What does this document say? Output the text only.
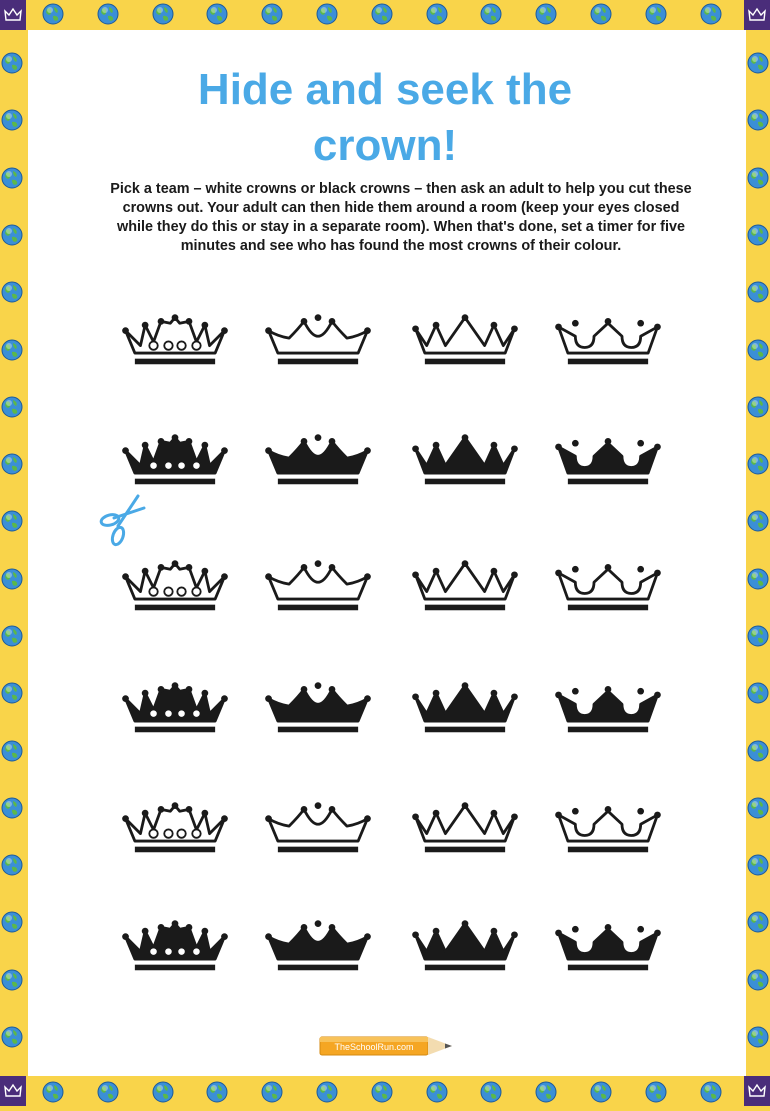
Hide and seek the
crown!

Pick a team – white crowns or black crowns – then ask an adult to help you cut these crowns out. Your adult can then hide them around a room (keep your eyes closed while they do this or stay in a separate room). When that's done, set a timer for five minutes and see who has found the most crowns of their colour.

TheSchoolRun.com
